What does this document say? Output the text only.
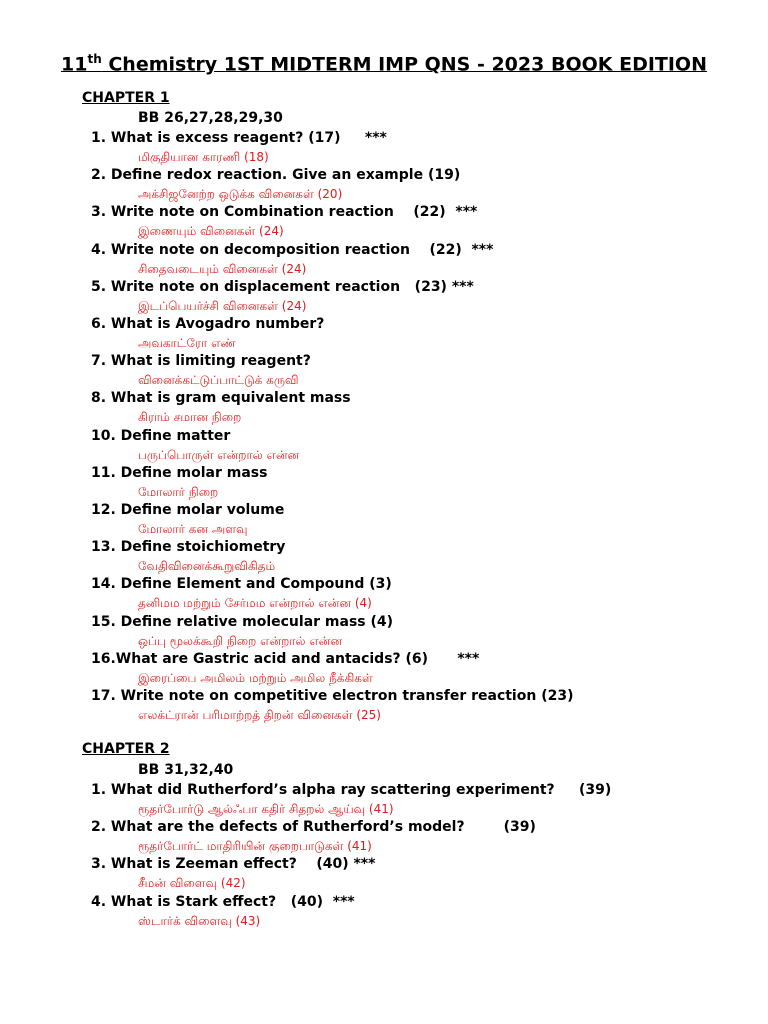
11th Chemistry 1ST MIDTERM IMP QNS - 2023 BOOK EDITION
CHAPTER 1
BB 26,27,28,29,30
1. What is excess reagent? (17)     ***
மிகுதியான காரணி (18)
2. Define redox reaction. Give an example (19)
அக்சிஜனேற்ற ஒடுக்க வினைகள் (20)
3. Write note on Combination reaction    (22)  ***
இணையும் வினைகள் (24)
4. Write note on decomposition reaction    (22)  ***
சிதைவடையும் வினைகள் (24)
5. Write note on displacement reaction   (23) ***
இடப்பெயர்ச்சி வினைகள் (24)
6. What is Avogadro number?
அவகாட்ரோ எண்
7. What is limiting reagent?
வினைக்கட்டுப்பாட்டுக் கருவி
8. What is gram equivalent mass
கிராம் சமான நிறை
10. Define matter
பருப்பொருள் என்றால் என்ன
11. Define molar mass
மோலார் நிறை
12. Define molar volume
மோலார் கன அளவு
13. Define stoichiometry
வேதிவினைக்கூறுவிகிதம்
14. Define Element and Compound (3)
தனிமம மற்றும் சேர்மம என்றால் என்ன (4)
15. Define relative molecular mass (4)
ஒப்பு மூலக்கூறி நிறை என்றால் என்ன
16.What are Gastric acid and antacids? (6)      ***
இரைப்பை அமிலம் மற்றும் அமில நீக்கிகள்
17. Write note on competitive electron transfer reaction (23)
எலக்ட்ரான் பரிமாற்றத் திறன் வினைகள் (25)
CHAPTER 2
BB 31,32,40
1. What did Rutherford’s alpha ray scattering experiment?     (39)
ரூதர்போர்டு ஆல்ஃபா கதிர் சிதறல் ஆய்வு (41)
2. What are the defects of Rutherford’s model?        (39)
ரூதர்போர்ட் மாதிரியின் குறைபாடுகள் (41)
3. What is Zeeman effect?    (40) ***
சீமன் விளைவு (42)
4. What is Stark effect?   (40)  ***
ஸ்டார்க் விளைவு (43)
